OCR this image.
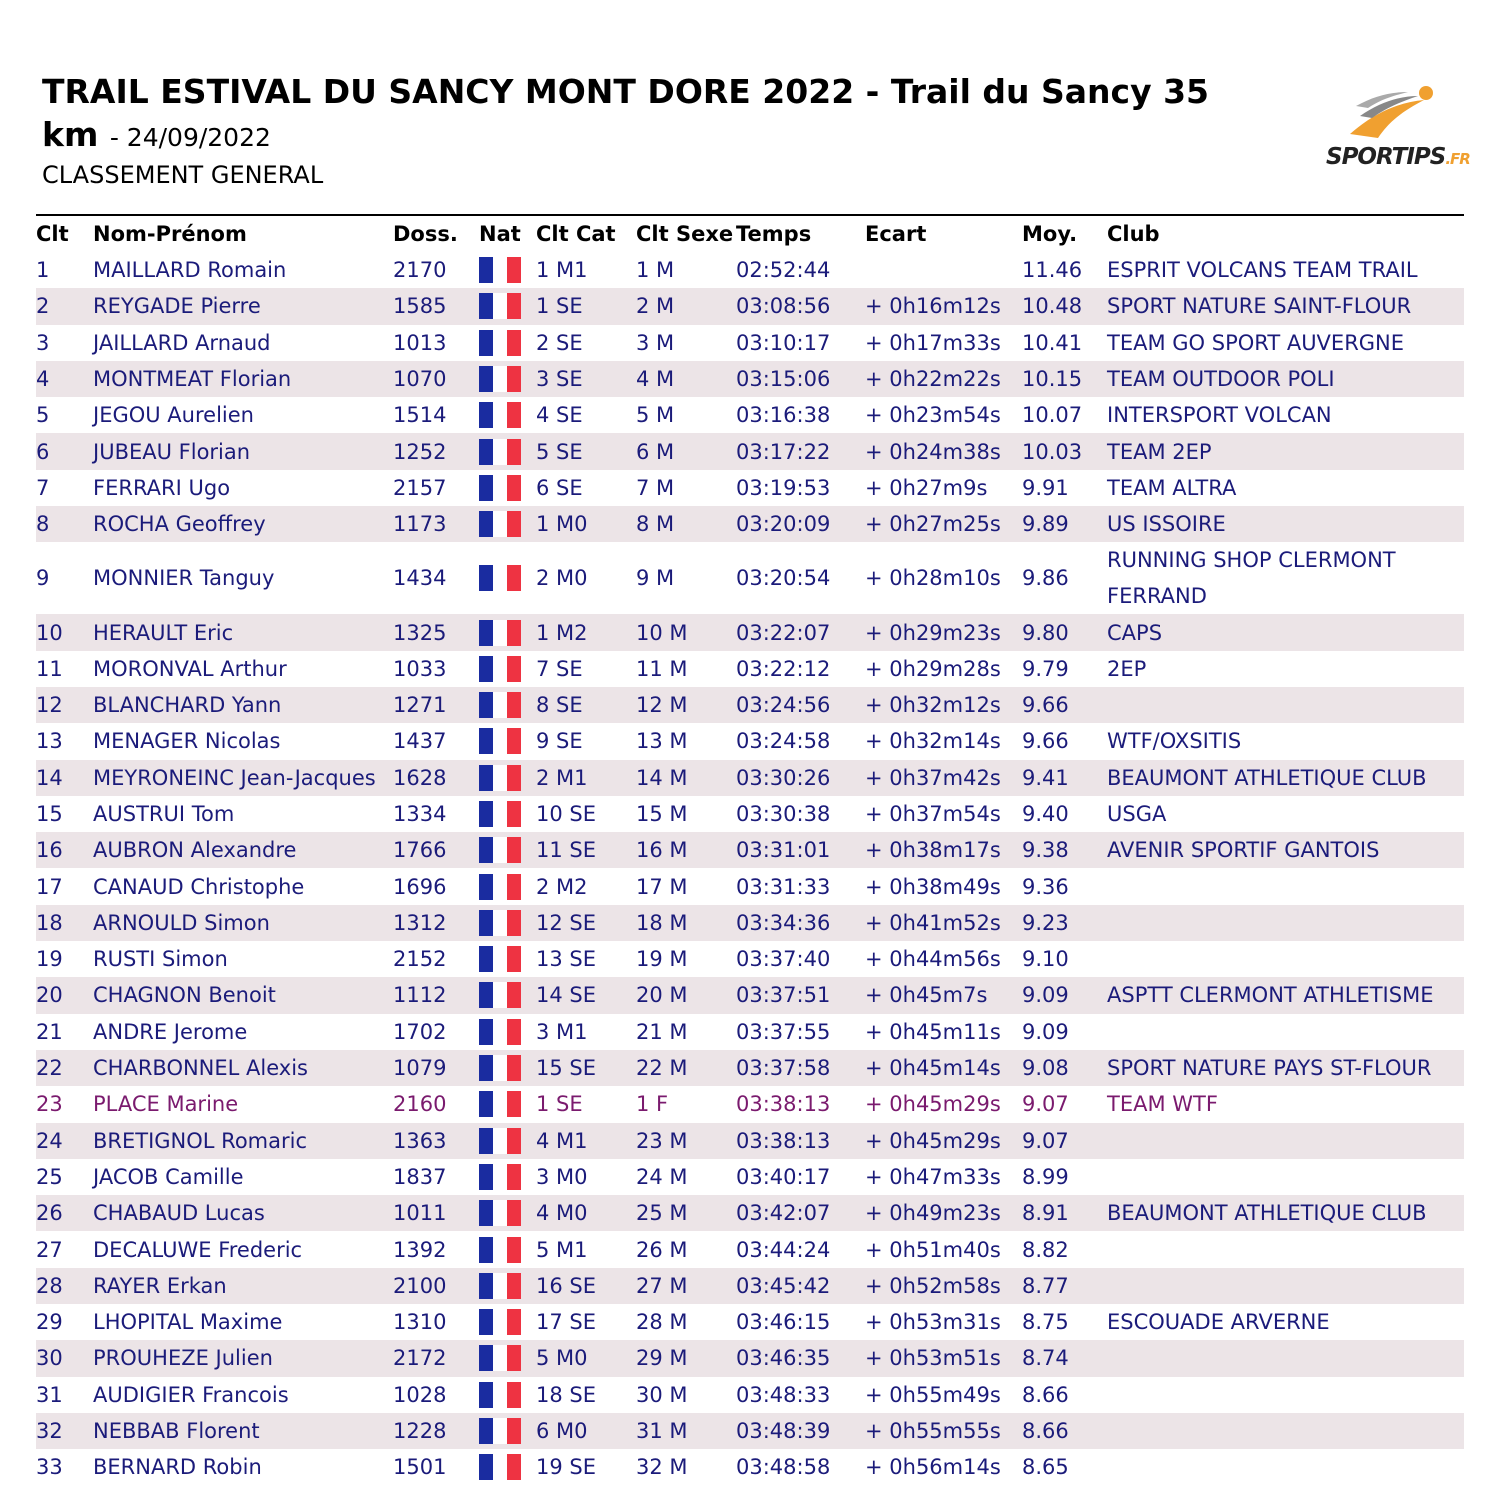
TRAIL ESTIVAL DU SANCY MONT DORE 2022 - Trail du Sancy 35 km - 24/09/2022
CLASSEMENT GENERAL
SPORTIPS.FR
Clt	Nom-Prénom	Doss.	Nat	Clt Cat	Clt Sexe	Temps	Ecart	Moy.	Club
1	MAILLARD Romain	2170		1 M1	1 M	02:52:44		11.46	ESPRIT VOLCANS TEAM TRAIL
2	REYGADE Pierre	1585		1 SE	2 M	03:08:56	+ 0h16m12s	10.48	SPORT NATURE SAINT-FLOUR
3	JAILLARD Arnaud	1013		2 SE	3 M	03:10:17	+ 0h17m33s	10.41	TEAM GO SPORT AUVERGNE
4	MONTMEAT Florian	1070		3 SE	4 M	03:15:06	+ 0h22m22s	10.15	TEAM OUTDOOR POLI
5	JEGOU Aurelien	1514		4 SE	5 M	03:16:38	+ 0h23m54s	10.07	INTERSPORT VOLCAN
6	JUBEAU Florian	1252		5 SE	6 M	03:17:22	+ 0h24m38s	10.03	TEAM 2EP
7	FERRARI Ugo	2157		6 SE	7 M	03:19:53	+ 0h27m9s	9.91	TEAM ALTRA
8	ROCHA Geoffrey	1173		1 M0	8 M	03:20:09	+ 0h27m25s	9.89	US ISSOIRE
9	MONNIER Tanguy	1434		2 M0	9 M	03:20:54	+ 0h28m10s	9.86	RUNNING SHOP CLERMONT FERRAND
10	HERAULT Eric	1325		1 M2	10 M	03:22:07	+ 0h29m23s	9.80	CAPS
11	MORONVAL Arthur	1033		7 SE	11 M	03:22:12	+ 0h29m28s	9.79	2EP
12	BLANCHARD Yann	1271		8 SE	12 M	03:24:56	+ 0h32m12s	9.66	
13	MENAGER Nicolas	1437		9 SE	13 M	03:24:58	+ 0h32m14s	9.66	WTF/OXSITIS
14	MEYRONEINC Jean-Jacques	1628		2 M1	14 M	03:30:26	+ 0h37m42s	9.41	BEAUMONT ATHLETIQUE CLUB
15	AUSTRUI Tom	1334		10 SE	15 M	03:30:38	+ 0h37m54s	9.40	USGA
16	AUBRON Alexandre	1766		11 SE	16 M	03:31:01	+ 0h38m17s	9.38	AVENIR SPORTIF GANTOIS
17	CANAUD Christophe	1696		2 M2	17 M	03:31:33	+ 0h38m49s	9.36	
18	ARNOULD Simon	1312		12 SE	18 M	03:34:36	+ 0h41m52s	9.23	
19	RUSTI Simon	2152		13 SE	19 M	03:37:40	+ 0h44m56s	9.10	
20	CHAGNON Benoit	1112		14 SE	20 M	03:37:51	+ 0h45m7s	9.09	ASPTT CLERMONT ATHLETISME
21	ANDRE Jerome	1702		3 M1	21 M	03:37:55	+ 0h45m11s	9.09	
22	CHARBONNEL Alexis	1079		15 SE	22 M	03:37:58	+ 0h45m14s	9.08	SPORT NATURE PAYS ST-FLOUR
23	PLACE Marine	2160		1 SE	1 F	03:38:13	+ 0h45m29s	9.07	TEAM WTF
24	BRETIGNOL Romaric	1363		4 M1	23 M	03:38:13	+ 0h45m29s	9.07	
25	JACOB Camille	1837		3 M0	24 M	03:40:17	+ 0h47m33s	8.99	
26	CHABAUD Lucas	1011		4 M0	25 M	03:42:07	+ 0h49m23s	8.91	BEAUMONT ATHLETIQUE CLUB
27	DECALUWE Frederic	1392		5 M1	26 M	03:44:24	+ 0h51m40s	8.82	
28	RAYER Erkan	2100		16 SE	27 M	03:45:42	+ 0h52m58s	8.77	
29	LHOPITAL Maxime	1310		17 SE	28 M	03:46:15	+ 0h53m31s	8.75	ESCOUADE ARVERNE
30	PROUHEZE Julien	2172		5 M0	29 M	03:46:35	+ 0h53m51s	8.74	
31	AUDIGIER Francois	1028		18 SE	30 M	03:48:33	+ 0h55m49s	8.66	
32	NEBBAB Florent	1228		6 M0	31 M	03:48:39	+ 0h55m55s	8.66	
33	BERNARD Robin	1501		19 SE	32 M	03:48:58	+ 0h56m14s	8.65	
